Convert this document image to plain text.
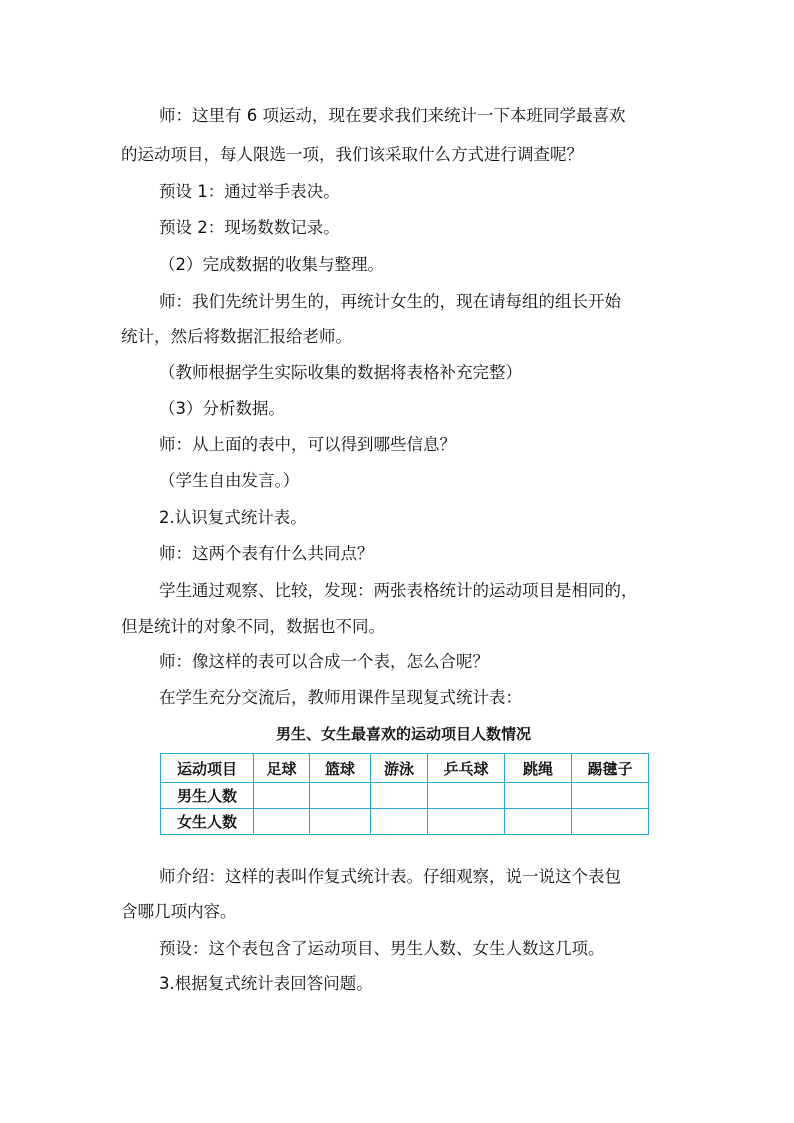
师：这里有 6 项运动，现在要求我们来统计一下本班同学最喜欢
的运动项目，每人限选一项，我们该采取什么方式进行调查呢？
预设 1：通过举手表决。
预设 2：现场数数记录。
（2）完成数据的收集与整理。
师：我们先统计男生的，再统计女生的，现在请每组的组长开始
统计，然后将数据汇报给老师。
（教师根据学生实际收集的数据将表格补充完整）
（3）分析数据。
师：从上面的表中，可以得到哪些信息？
（学生自由发言。）
2.认识复式统计表。
师：这两个表有什么共同点？
学生通过观察、比较，发现：两张表格统计的运动项目是相同的，
但是统计的对象不同，数据也不同。
师：像这样的表可以合成一个表，怎么合呢？
在学生充分交流后，教师用课件呈现复式统计表：
男生、女生最喜欢的运动项目人数情况
运动项目	足球	篮球	游泳	乒乓球	跳绳	踢毽子
男生人数						
女生人数						
师介绍：这样的表叫作复式统计表。仔细观察，说一说这个表包
含哪几项内容。
预设：这个表包含了运动项目、男生人数、女生人数这几项。
3.根据复式统计表回答问题。
